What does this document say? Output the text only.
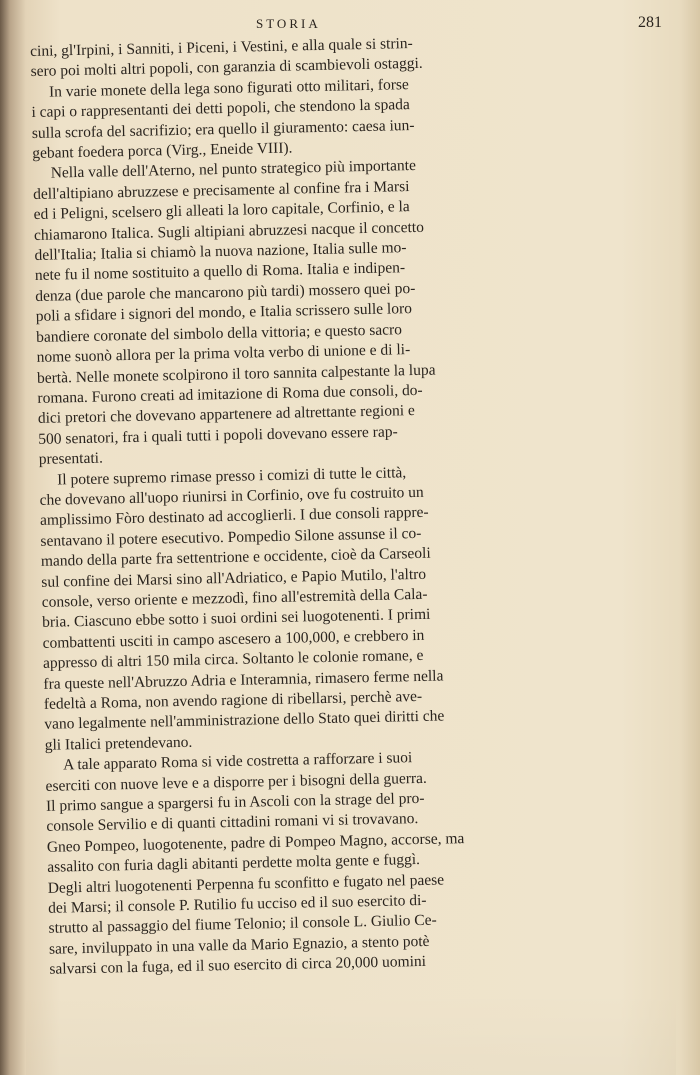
STORIA	281
cini, gl'Irpini, i Sanniti, i Piceni, i Vestini, e alla quale si strin-
sero poi molti altri popoli, con garanzia di scambievoli ostaggi.
In varie monete della lega sono figurati otto militari, forse
i capi o rappresentanti dei detti popoli, che stendono la spada
sulla scrofa del sacrifizio; era quello il giuramento: caesa iun-
gebant foedera porca (Virg., Eneide VIII).
Nella valle dell'Aterno, nel punto strategico più importante
dell'altipiano abruzzese e precisamente al confine fra i Marsi
ed i Peligni, scelsero gli alleati la loro capitale, Corfinio, e la
chiamarono Italica. Sugli altipiani abruzzesi nacque il concetto
dell'Italia; Italia si chiamò la nuova nazione, Italia sulle mo-
nete fu il nome sostituito a quello di Roma. Italia e indipen-
denza (due parole che mancarono più tardi) mossero quei po-
poli a sfidare i signori del mondo, e Italia scrissero sulle loro
bandiere coronate del simbolo della vittoria; e questo sacro
nome suonò allora per la prima volta verbo di unione e di li-
bertà. Nelle monete scolpirono il toro sannita calpestante la lupa
romana. Furono creati ad imitazione di Roma due consoli, do-
dici pretori che dovevano appartenere ad altrettante regioni e
500 senatori, fra i quali tutti i popoli dovevano essere rap-
presentati.
Il potere supremo rimase presso i comizi di tutte le città,
che dovevano all'uopo riunirsi in Corfinio, ove fu costruito un
amplissimo Fòro destinato ad accoglierli. I due consoli rappre-
sentavano il potere esecutivo. Pompedio Silone assunse il co-
mando della parte fra settentrione e occidente, cioè da Carseoli
sul confine dei Marsi sino all'Adriatico, e Papio Mutilo, l'altro
console, verso oriente e mezzodì, fino all'estremità della Cala-
bria. Ciascuno ebbe sotto i suoi ordini sei luogotenenti. I primi
combattenti usciti in campo ascesero a 100,000, e crebbero in
appresso di altri 150 mila circa. Soltanto le colonie romane, e
fra queste nell'Abruzzo Adria e Interamnia, rimasero ferme nella
fedeltà a Roma, non avendo ragione di ribellarsi, perchè ave-
vano legalmente nell'amministrazione dello Stato quei diritti che
gli Italici pretendevano.
A tale apparato Roma si vide costretta a rafforzare i suoi
eserciti con nuove leve e a disporre per i bisogni della guerra.
Il primo sangue a spargersi fu in Ascoli con la strage del pro-
console Servilio e di quanti cittadini romani vi si trovavano.
Gneo Pompeo, luogotenente, padre di Pompeo Magno, accorse, ma
assalito con furia dagli abitanti perdette molta gente e fuggì.
Degli altri luogotenenti Perpenna fu sconfitto e fugato nel paese
dei Marsi; il console P. Rutilio fu ucciso ed il suo esercito di-
strutto al passaggio del fiume Telonio; il console L. Giulio Ce-
sare, inviluppato in una valle da Mario Egnazio, a stento potè
salvarsi con la fuga, ed il suo esercito di circa 20,000 uomini
